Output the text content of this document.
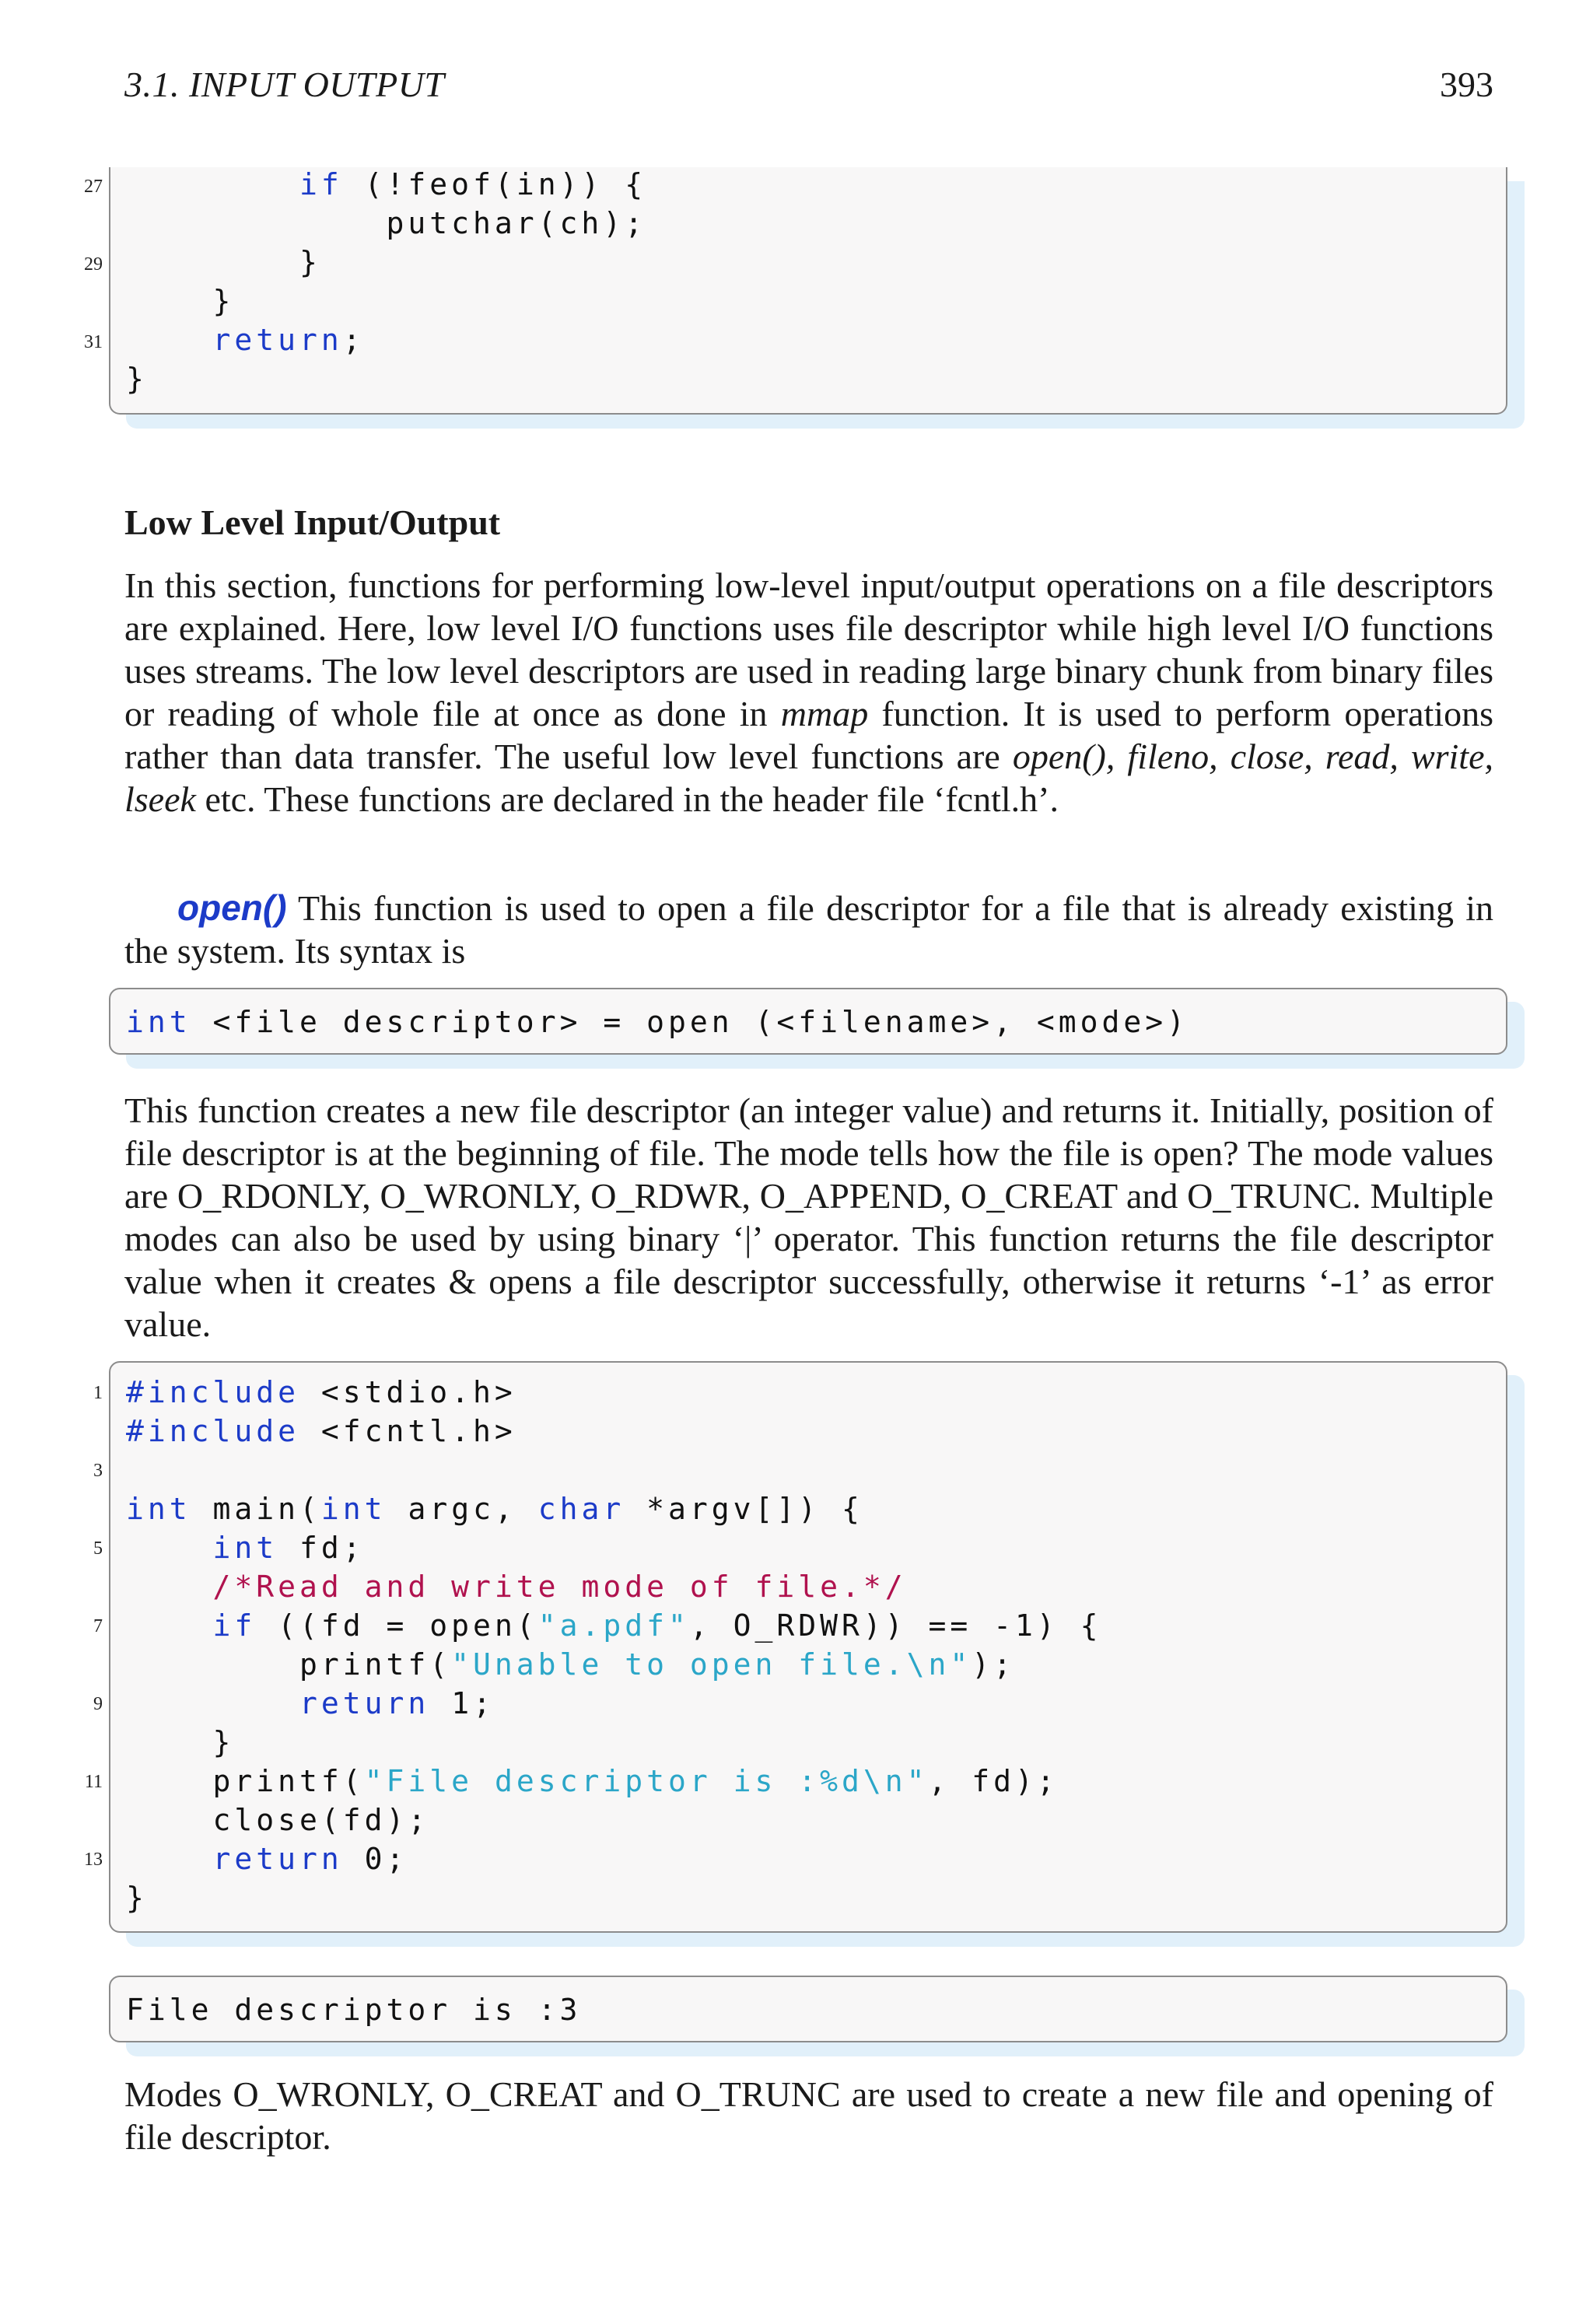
3.1. INPUT OUTPUT	393
if (!feof(in)) {
putchar(ch);
}
}
return;
}
Low Level Input/Output
In this section, functions for performing low-level input/output operations on a file descriptors are explained. Here, low level I/O functions uses file descriptor while high level I/O functions uses streams. The low level descriptors are used in reading large binary chunk from binary files or reading of whole file at once as done in mmap function. It is used to perform operations rather than data transfer. The useful low level functions are open(), fileno, close, read, write, lseek etc. These functions are declared in the header file ‘fcntl.h’.
open() This function is used to open a file descriptor for a file that is already existing in the system. Its syntax is
int <file descriptor> = open (<filename>, <mode>)
This function creates a new file descriptor (an integer value) and returns it. Initially, position of file descriptor is at the beginning of file. The mode tells how the file is open? The mode values are O_RDONLY, O_WRONLY, O_RDWR, O_APPEND, O_CREAT and O_TRUNC. Multiple modes can also be used by using binary ‘|’ operator. This function returns the file descriptor value when it creates & opens a file descriptor successfully, otherwise it returns ‘-1’ as error value.
#include <stdio.h>
#include <fcntl.h>
int main(int argc, char *argv[]) {
int fd;
/*Read and write mode of file.*/
if ((fd = open("a.pdf", O_RDWR)) == -1) {
printf("Unable to open file.\n");
return 1;
}
printf("File descriptor is :%d\n", fd);
close(fd);
return 0;
}
File descriptor is :3
Modes O_WRONLY, O_CREAT and O_TRUNC are used to create a new file and opening of file descriptor.
27
29
31
1
3
5
7
9
11
13
